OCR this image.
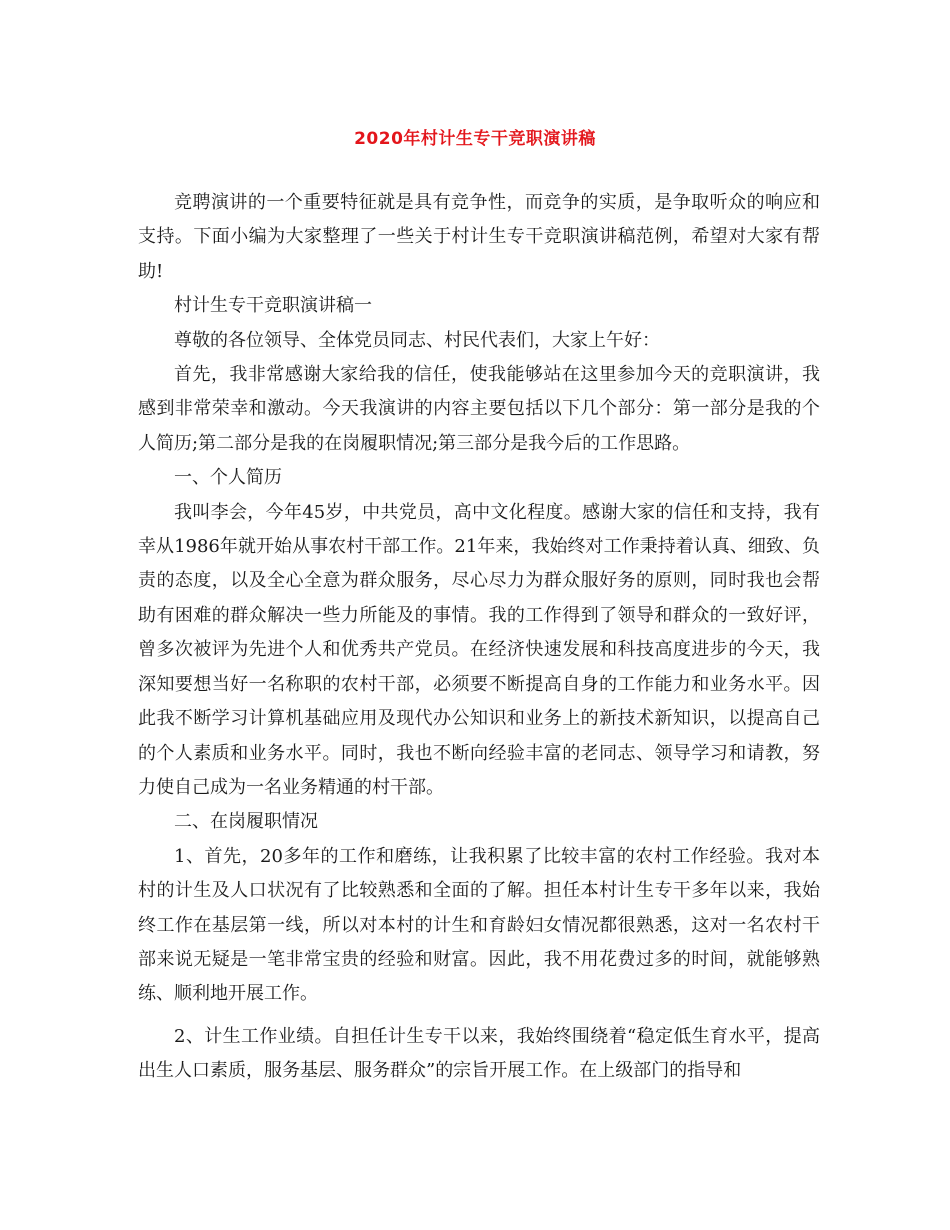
2020年村计生专干竞职演讲稿

竞聘演讲的一个重要特征就是具有竞争性，而竞争的实质，是争取听众的响应和支持。下面小编为大家整理了一些关于村计生专干竞职演讲稿范例，希望对大家有帮助!

村计生专干竞职演讲稿一

尊敬的各位领导、全体党员同志、村民代表们，大家上午好：

首先，我非常感谢大家给我的信任，使我能够站在这里参加今天的竞职演讲，我感到非常荣幸和激动。今天我演讲的内容主要包括以下几个部分：第一部分是我的个人简历;第二部分是我的在岗履职情况;第三部分是我今后的工作思路。

一、个人简历

我叫李会，今年45岁，中共党员，高中文化程度。感谢大家的信任和支持，我有幸从1986年就开始从事农村干部工作。21年来，我始终对工作秉持着认真、细致、负责的态度，以及全心全意为群众服务，尽心尽力为群众服好务的原则，同时我也会帮助有困难的群众解决一些力所能及的事情。我的工作得到了领导和群众的一致好评，曾多次被评为先进个人和优秀共产党员。在经济快速发展和科技高度进步的今天，我深知要想当好一名称职的农村干部，必须要不断提高自身的工作能力和业务水平。因此我不断学习计算机基础应用及现代办公知识和业务上的新技术新知识，以提高自己的个人素质和业务水平。同时，我也不断向经验丰富的老同志、领导学习和请教，努力使自己成为一名业务精通的村干部。

二、在岗履职情况

1、首先，20多年的工作和磨练，让我积累了比较丰富的农村工作经验。我对本村的计生及人口状况有了比较熟悉和全面的了解。担任本村计生专干多年以来，我始终工作在基层第一线，所以对本村的计生和育龄妇女情况都很熟悉，这对一名农村干部来说无疑是一笔非常宝贵的经验和财富。因此，我不用花费过多的时间，就能够熟练、顺利地开展工作。

2、计生工作业绩。自担任计生专干以来，我始终围绕着“稳定低生育水平，提高出生人口素质，服务基层、服务群众”的宗旨开展工作。在上级部门的指导和
